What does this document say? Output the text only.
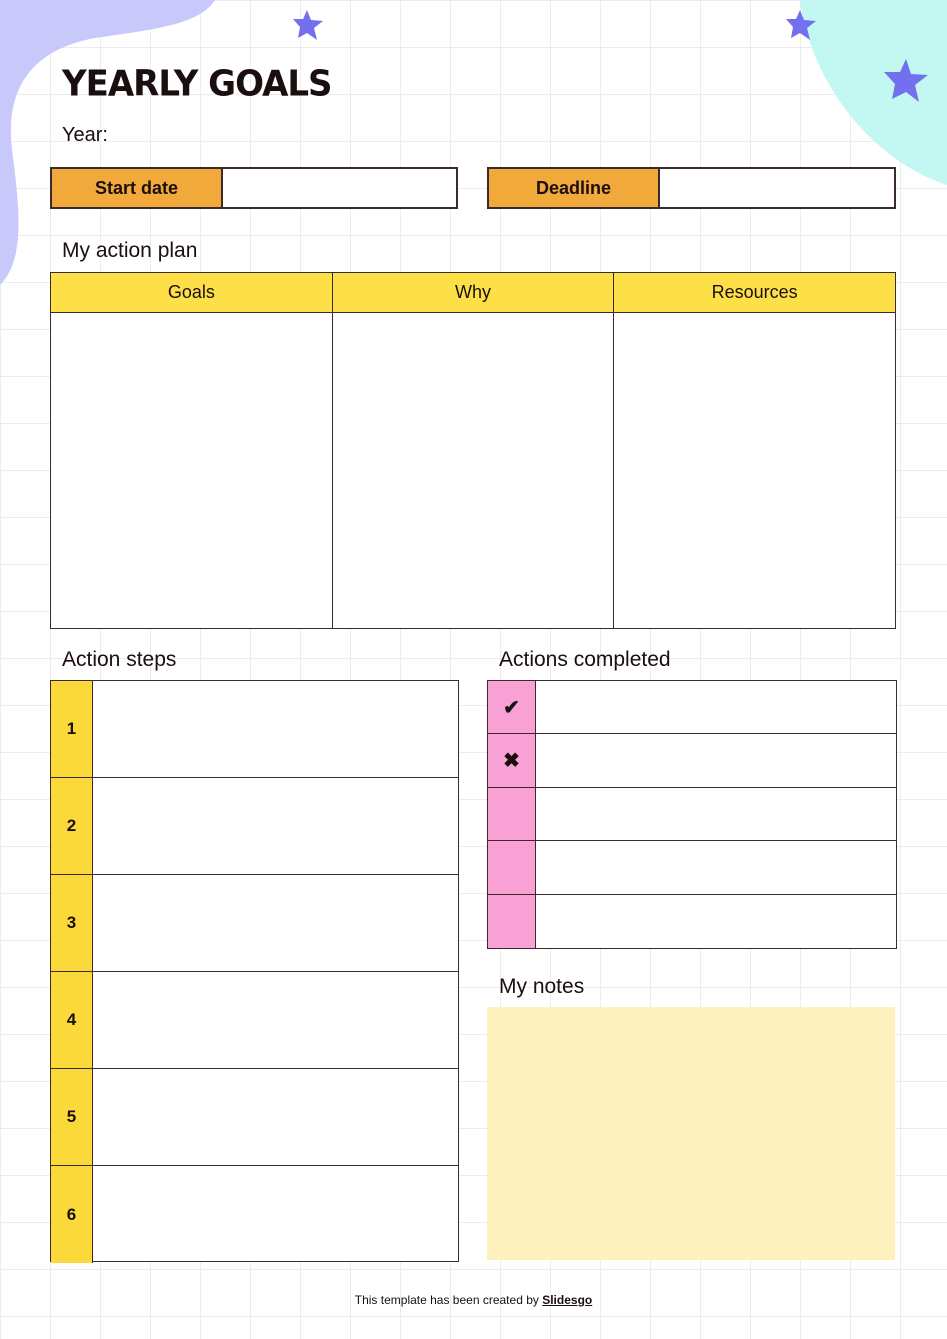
YEARLY GOALS
Year:
Start date	Deadline
My action plan
Goals	Why	Resources

Action steps
1
2
3
4
5
6
Actions completed
✔
✖
My notes
This template has been created by Slidesgo
